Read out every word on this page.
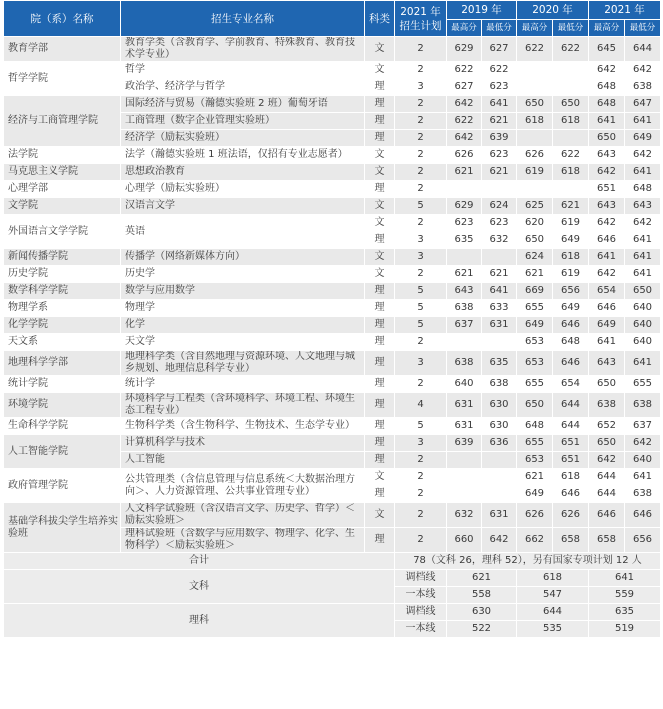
院（系）名称	招生专业名称	科类	2021 年招生计划	2019 年		2020 年		2021 年	
				最高分	最低分	最高分	最低分	最高分	最低分
教育学部	教育学类（含教育学、学前教育、特殊教育、教育技术学专业）	文	2	629	627	622	622	645	644
哲学学院	哲学	文	2	622	622			642	642
	政治学、经济学与哲学	理	3	627	623			648	638
经济与工商管理学院	国际经济与贸易（瀚德实验班 2 班）葡萄牙语	理	2	642	641	650	650	648	647
	工商管理（数字企业管理实验班）	理	2	622	621	618	618	641	641
	经济学（励耘实验班）	理	2	642	639			650	649
法学院	法学（瀚德实验班 1 班法语，仅招有专业志愿者）	文	2	626	623	626	622	643	642
马克思主义学院	思想政治教育	文	2	621	621	619	618	642	641
心理学部	心理学（励耘实验班）	理	2					651	648
文学院	汉语言文学	文	5	629	624	625	621	643	643
外国语言文学学院	英语	文	2	623	623	620	619	642	642
		理	3	635	632	650	649	646	641
新闻传播学院	传播学（网络新媒体方向）	文	3			624	618	641	641
历史学院	历史学	文	2	621	621	621	619	642	641
数学科学学院	数学与应用数学	理	5	643	641	669	656	654	650
物理学系	物理学	理	5	638	633	655	649	646	640
化学学院	化学	理	5	637	631	649	646	649	640
天文系	天文学	理	2			653	648	641	640
地理科学学部	地理科学类（含自然地理与资源环境、人文地理与城乡规划、地理信息科学专业）	理	3	638	635	653	646	643	641
统计学院	统计学	理	2	640	638	655	654	650	655
环境学院	环境科学与工程类（含环境科学、环境工程、环境生态工程专业）	理	4	631	630	650	644	638	638
生命科学学院	生物科学类（含生物科学、生物技术、生态学专业）	理	5	631	630	648	644	652	637
人工智能学院	计算机科学与技术	理	3	639	636	655	651	650	642
	人工智能	理	2			653	651	642	640
政府管理学院	公共管理类（含信息管理与信息系统＜大数据治理方向＞、人力资源管理、公共事业管理专业）	文	2			621	618	644	641
		理	2			649	646	644	638
基础学科拔尖学生培养实验班	人文科学试验班（含汉语言文学、历史学、哲学）＜励耘实验班＞	文	2	632	631	626	626	646	646
	理科试验班（含数学与应用数学、物理学、化学、生物科学）＜励耘实验班＞	理	2	660	642	662	658	658	656
合计			78（文科 26，理科 52），另有国家专项计划 12 人						
文科			调档线	621		618		641	
			一本线	558		547		559	
理科			调档线	630		644		635	
			一本线	522		535		519	
